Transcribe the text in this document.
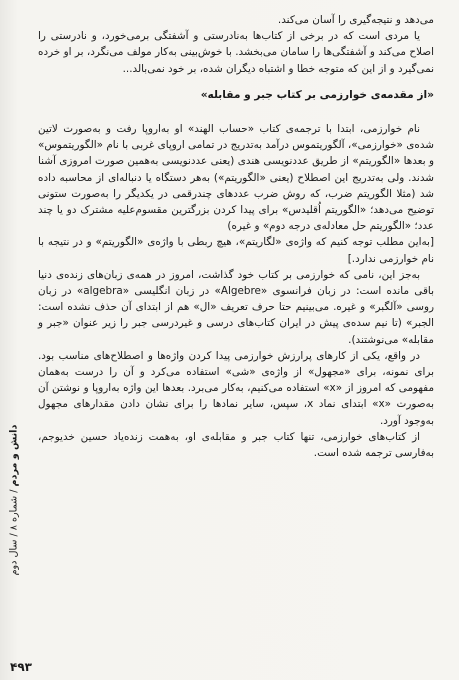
می‌دهد و نتیجه‌گیری را آسان می‌کند.

یا مردی است که در برخی از کتاب‌ها به‌نادرستی و آشفتگی برمی‌خورد، و نادرستی را اصلاح می‌کند و آشفتگی‌ها را سامان می‌بخشد. با خوش‌بینی به‌کار مولف می‌نگرد، بر او خرده نمی‌گیرد و از این که متوجه خطا و اشتباه دیگران شده، بر خود نمی‌بالد...

«از مقدمه‌ی خوارزمی بر کتاب جبر و مقابله»

نام خوارزمی، ابتدا با ترجمه‌ی کتاب «حساب الهند» او به‌اروپا رفت و به‌صورت لاتین شده‌ی «خوارزمی»، آلگوریتموس درآمد به‌تدریج در تمامی اروپای غربی با نام «الگوریتموس» و بعدها «الگوریتم» از طریق عددنویسی هندی (یعنی عددنویسی به‌همین صورت امروزی آشنا شدند. ولی به‌تدریج این اصطلاح (یعنی «الگوریتم») به‌هر دستگاه یا دنباله‌ای از محاسبه داده شد (مثلا الگوریتم ضرب، که روش ضرب عددهای چندرقمی در یکدیگر را به‌صورت ستونی توضیح می‌دهد؛ «الگوریتم اُقلیدس» برای پیدا کردن بزرگترین مقسوم‌علیه مشترک دو یا چند عدد؛ «الگوریتم حل معادله‌ی درجه دوم» و غیره)

[به‌این مطلب توجه کنیم که واژه‌ی «لگاریتم»، هیچ ربطی با واژه‌ی «الگوریتم» و در نتیجه با نام خوارزمی ندارد.]

به‌جز این، نامی که خوارزمی بر کتاب خود گذاشت، امروز در همه‌ی زبان‌های زنده‌ی دنیا باقی مانده است: در زبان فرانسوی «Algebre» در زبان انگلیسی «algebra» در زبان روسی «آلگبر» و غیره. می‌بینیم حتا حرف تعریف «ال» هم از ابتدای آن حذف نشده است: الجبر» (تا نیم سده‌ی پیش در ایران کتاب‌های درسی و غیردرسی جبر را زیر عنوان «جبر و مقابله» می‌نوشتند).

در واقع، یکی از کارهای پرارزش خوارزمی پیدا کردن واژه‌ها و اصطلاح‌های مناسب بود. برای نمونه، برای «مجهول» از واژه‌ی «شی» استفاده می‌کرد و آن را درست به‌همان مفهومی که امروز از «x» استفاده می‌کنیم، به‌کار می‌برد. بعدها این واژه به‌اروپا و نوشتن آن به‌صورت «x» ابتدای نماد x، سپس، سایر نمادها را برای نشان دادن مقدارهای مجهول به‌وجود آورد.

از کتاب‌های خوارزمی، تنها کتاب جبر و مقابله‌ی او، به‌همت زنده‌یاد حسین خدیوجم، به‌فارسی ترجمه شده است.

دانش و مردم / شماره ۸ / سال دوم
۴۹۳
